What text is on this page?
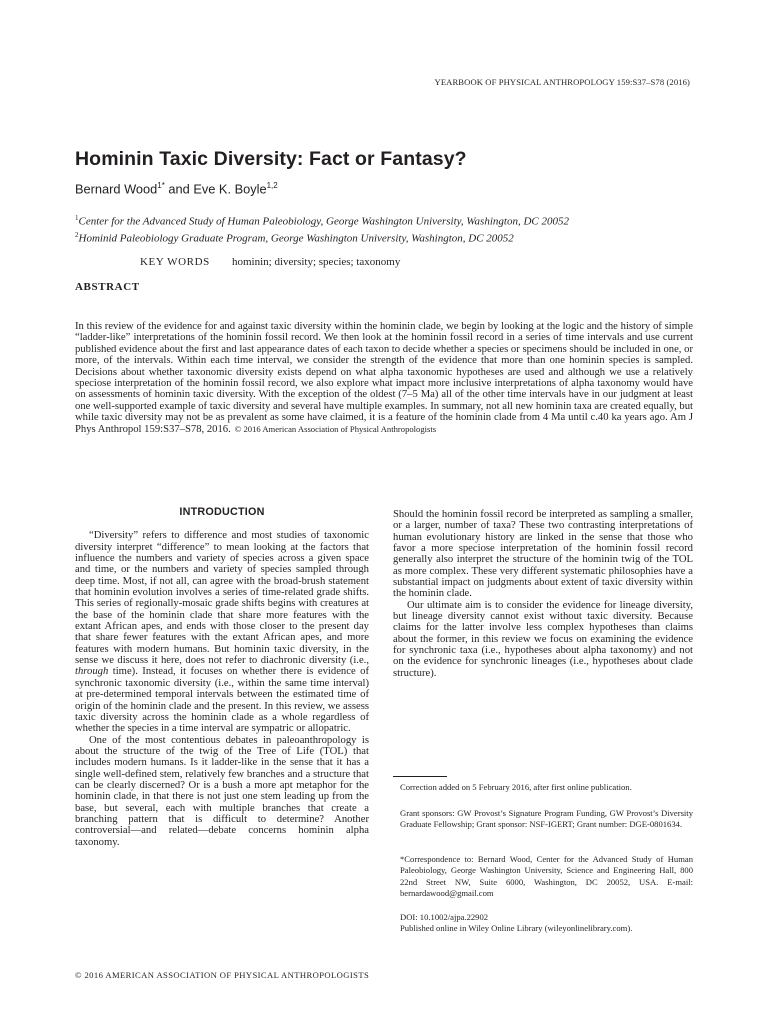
YEARBOOK OF PHYSICAL ANTHROPOLOGY 159:S37–S78 (2016)
Hominin Taxic Diversity: Fact or Fantasy?
Bernard Wood$^{1*}$ and Eve K. Boyle$^{1,2}$
$^1$Center for the Advanced Study of Human Paleobiology, George Washington University, Washington, DC 20052
$^2$Hominid Paleobiology Graduate Program, George Washington University, Washington, DC 20052
KEY WORDS hominin; diversity; species; taxonomy
ABSTRACT
In this review of the evidence for and against taxic diversity within the hominin clade, we begin by looking at the logic and the history of simple “ladder-like” interpretations of the hominin fossil record. We then look at the hominin fossil record in a series of time intervals and use current published evidence about the first and last appearance dates of each taxon to decide whether a species or specimens should be included in one, or more, of the intervals. Within each time interval, we consider the strength of the evidence that more than one hominin species is sampled. Decisions about whether taxonomic diversity exists depend on what alpha taxonomic hypotheses are used and although we use a relatively speciose interpretation of the hominin fossil record, we also explore what impact more inclusive interpretations of alpha taxonomy would have on assessments of hominin taxic diversity. With the exception of the oldest (7–5 Ma) all of the other time intervals have in our judgment at least one well-supported example of taxic diversity and several have multiple examples. In summary, not all new hominin taxa are created equally, but while taxic diversity may not be as prevalent as some have claimed, it is a feature of the hominin clade from 4 Ma until c.40 ka years ago. Am J Phys Anthropol 159:S37–S78, 2016. © 2016 American Association of Physical Anthropologists
INTRODUCTION

“Diversity” refers to difference and most studies of taxonomic diversity interpret “difference” to mean looking at the factors that influence the numbers and variety of species across a given space and time, or the numbers and variety of species sampled through deep time. Most, if not all, can agree with the broad-brush statement that hominin evolution involves a series of time-related grade shifts. This series of regionally-mosaic grade shifts begins with creatures at the base of the hominin clade that share more features with the extant African apes, and ends with those closer to the present day that share fewer features with the extant African apes, and more features with modern humans. But hominin taxic diversity, in the sense we discuss it here, does not refer to diachronic diversity (i.e., through time). Instead, it focuses on whether there is evidence of synchronic taxonomic diversity (i.e., within the same time interval) at pre-determined temporal intervals between the estimated time of origin of the hominin clade and the present. In this review, we assess taxic diversity across the hominin clade as a whole regardless of whether the species in a time interval are sympatric or allopatric.

One of the most contentious debates in paleoanthropology is about the structure of the twig of the Tree of Life (TOL) that includes modern humans. Is it ladder-like in the sense that it has a single well-defined stem, relatively few branches and a structure that can be clearly discerned? Or is a bush a more apt metaphor for the hominin clade, in that there is not just one stem leading up from the base, but several, each with multiple branches that create a branching pattern that is difficult to determine? Another controversial—and related—debate concerns hominin alpha taxonomy.

Should the hominin fossil record be interpreted as sampling a smaller, or a larger, number of taxa? These two contrasting interpretations of human evolutionary history are linked in the sense that those who favor a more speciose interpretation of the hominin fossil record generally also interpret the structure of the hominin twig of the TOL as more complex. These very different systematic philosophies have a substantial impact on judgments about extent of taxic diversity within the hominin clade.

Our ultimate aim is to consider the evidence for lineage diversity, but lineage diversity cannot exist without taxic diversity. Because claims for the latter involve less complex hypotheses than claims about the former, in this review we focus on examining the evidence for synchronic taxa (i.e., hypotheses about alpha taxonomy) and not on the evidence for synchronic lineages (i.e., hypotheses about clade structure).

Correction added on 5 February 2016, after first online publication.
Grant sponsors: GW Provost’s Signature Program Funding, GW Provost’s Diversity Graduate Fellowship; Grant sponsor: NSF-IGERT; Grant number: DGE-0801634.
*Correspondence to: Bernard Wood, Center for the Advanced Study of Human Paleobiology, George Washington University, Science and Engineering Hall, 800 22nd Street NW, Suite 6000, Washington, DC 20052, USA. E-mail: bernardawood@gmail.com
DOI: 10.1002/ajpa.22902
Published online in Wiley Online Library (wileyonlinelibrary.com).
© 2016 AMERICAN ASSOCIATION OF PHYSICAL ANTHROPOLOGISTS
